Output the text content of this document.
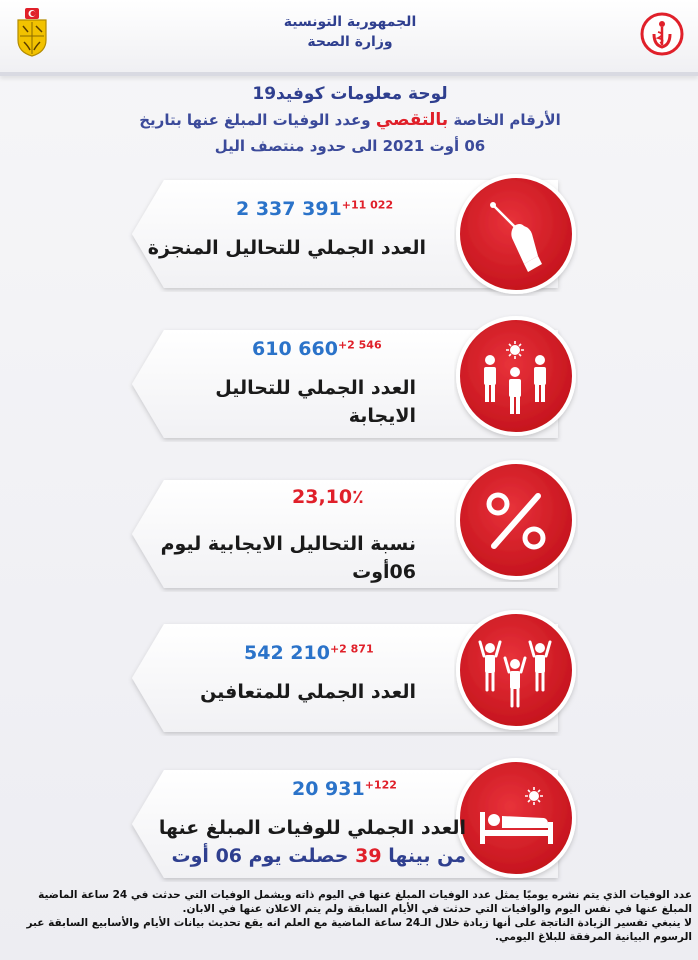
الجمهورية التونسية
وزارة الصحة
لوحة معلومات كوفيد19
الأرقام الخاصة بالتقصي وعدد الوفيات المبلغ عنها بتاريخ
06 أوت 2021 الى حدود منتصف اليل
2 337 $391^{+11 022}$
العدد الجملي للتحاليل المنجزة
610 $660^{+2 546}$
العدد الجملي للتحاليل
الايجابة
23,10٪
نسبة التحاليل الايجابية ليوم
06أوت
542 $210^{+2 871}$
العدد الجملي للمتعافين
20 $931^{+122}$
العدد الجملي للوفيات المبلغ عنها
من بينها 39 حصلت يوم 06 أوت

عدد الوفيات الذي يتم نشره يوميًا يمثل عدد الوفيات المبلغ عنها في اليوم ذاته ويشمل الوفيات التي حدثت في 24 ساعة الماضية المبلغ عنها في نفس اليوم والوافيات التي حدثت في الأيام السابقة ولم يتم الاعلان عنها في الابان.

لا ينبغي تفسير الزيادة الناتجة على أنها زيادة خلال الـ24 ساعة الماضية مع العلم انه يقع تحديث بيانات الأيام والأسابيع السابقة عبر الرسوم البيانية المرفقة للبلاغ اليومي.
